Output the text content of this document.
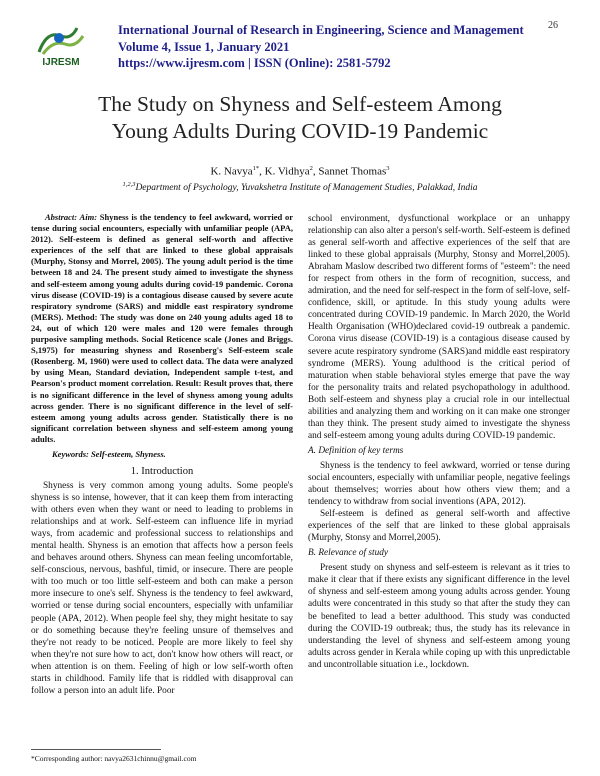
IJRESM
International Journal of Research in Engineering, Science and Management
Volume 4, Issue 1, January 2021
https://www.ijresm.com | ISSN (Online): 2581-5792
26
The Study on Shyness and Self-esteem Among
Young Adults During COVID-19 Pandemic
K. Navya$^{1*}$, K. Vidhya$^2$, Sannet Thomas$^3$
$^{1,2,3}$Department of Psychology, Yuvakshetra Institute of Management Studies, Palakkad, India

Abstract: Aim: Shyness is the tendency to feel awkward, worried or tense during social encounters, especially with unfamiliar people (APA, 2012). Self-esteem is defined as general self-worth and affective experiences of the self that are linked to these global appraisals (Murphy, Stonsy and Morrel, 2005). The young adult period is the time between 18 and 24. The present study aimed to investigate the shyness and self-esteem among young adults during covid-19 pandemic. Corona virus disease (COVID-19) is a contagious disease caused by severe acute respiratory syndrome (SARS) and middle east respiratory syndrome (MERS). Method: The study was done on 240 young adults aged 18 to 24, out of which 120 were males and 120 were females through purposive sampling methods. Social Reticence scale (Jones and Briggs. S,1975) for measuring shyness and Rosenberg's Self-esteem scale (Rosenberg. M, 1960) were used to collect data. The data were analyzed by using Mean, Standard deviation, Independent sample t-test, and Pearson's product moment correlation. Result: Result proves that, there is no significant difference in the level of shyness among young adults across gender. There is no significant difference in the level of self-esteem among young adults across gender. Statistically there is no significant correlation between shyness and self-esteem among young adults.

Keywords: Self-esteem, Shyness.
1. Introduction

Shyness is very common among young adults. Some people's shyness is so intense, however, that it can keep them from interacting with others even when they want or need to leading to problems in relationships and at work. Self-esteem can influence life in myriad ways, from academic and professional success to relationships and mental health. Shyness is an emotion that affects how a person feels and behaves around others. Shyness can mean feeling uncomfortable, self-conscious, nervous, bashful, timid, or insecure. There are people with too much or too little self-esteem and both can make a person more insecure to one's self. Shyness is the tendency to feel awkward, worried or tense during social encounters, especially with unfamiliar people (APA, 2012). When people feel shy, they might hesitate to say or do something because they're feeling unsure of themselves and they're not ready to be noticed. People are more likely to feel shy when they're not sure how to act, don't know how others will react, or when attention is on them. Feeling of high or low self-worth often starts in childhood. Family life that is riddled with disapproval can follow a person into an adult life. Poor

school environment, dysfunctional workplace or an unhappy relationship can also alter a person's self-worth. Self-esteem is defined as general self-worth and affective experiences of the self that are linked to these global appraisals (Murphy, Stonsy and Morrel,2005). Abraham Maslow described two different forms of "esteem": the need for respect from others in the form of recognition, success, and admiration, and the need for self-respect in the form of self-love, self-confidence, skill, or aptitude. In this study young adults were concentrated during COVID-19 pandemic. In March 2020, the World Health Organisation (WHO)declared covid-19 outbreak a pandemic. Corona virus disease (COVID-19) is a contagious disease caused by severe acute respiratory syndrome (SARS)and middle east respiratory syndrome (MERS). Young adulthood is the critical period of maturation when stable behavioral styles emerge that pave the way for the personality traits and related psychopathology in adulthood. Both self-esteem and shyness play a crucial role in our intellectual abilities and analyzing them and working on it can make one stronger than they think. The present study aimed to investigate the shyness and self-esteem among young adults during COVID-19 pandemic.

A. Definition of key terms

Shyness is the tendency to feel awkward, worried or tense during social encounters, especially with unfamiliar people, negative feelings about themselves; worries about how others view them; and a tendency to withdraw from social inventions (APA, 2012).

Self-esteem is defined as general self-worth and affective experiences of the self that are linked to these global appraisals (Murphy, Stonsy and Morrel,2005).

B. Relevance of study

Present study on shyness and self-esteem is relevant as it tries to make it clear that if there exists any significant difference in the level of shyness and self-esteem among young adults across gender. Young adults were concentrated in this study so that after the study they can be benefited to lead a better adulthood. This study was conducted during the COVID-19 outbreak; thus, the study has its relevance in understanding the level of shyness and self-esteem among young adults across gender in Kerala while coping up with this unpredictable and uncontrollable situation i.e., lockdown.

*Corresponding author: navya2631chinnu@gmail.com
